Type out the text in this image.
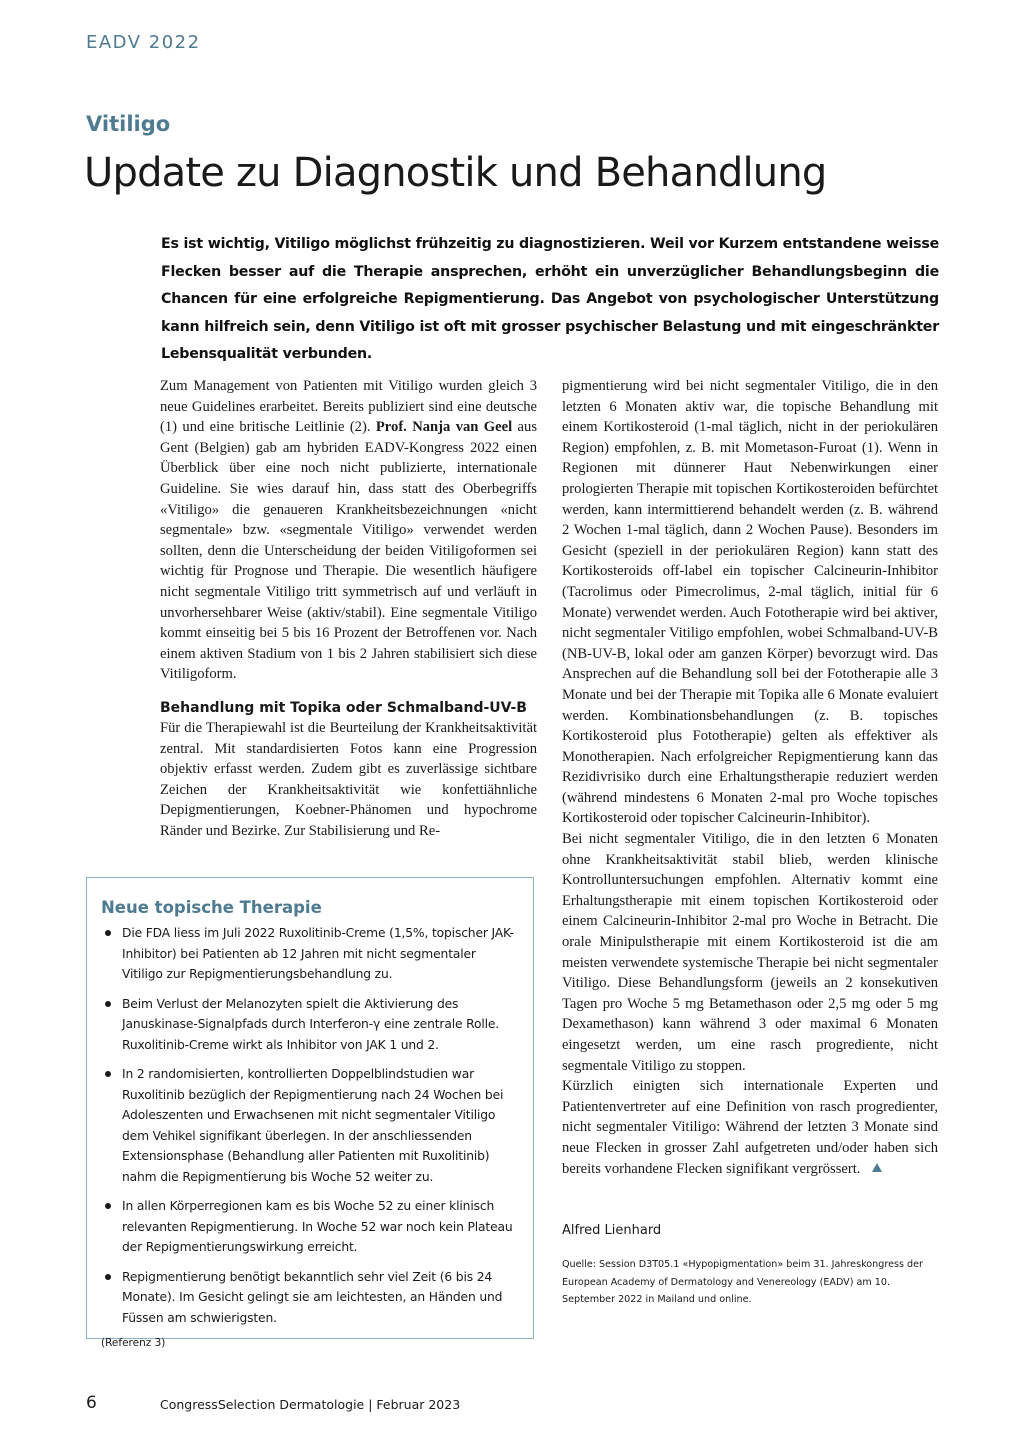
EADV 2022
Vitiligo
Update zu Diagnostik und Behandlung

Es ist wichtig, Vitiligo möglichst frühzeitig zu diagnostizieren. Weil vor Kurzem entstandene weisse Flecken besser auf die Therapie ansprechen, erhöht ein unverzüglicher Behandlungsbeginn die Chancen für eine erfolgreiche Repigmentierung. Das Angebot von psychologischer Unterstützung kann hilfreich sein, denn Vitiligo ist oft mit grosser psychischer Belastung und mit eingeschränkter Lebensqualität verbunden.

Zum Management von Patienten mit Vitiligo wurden gleich 3 neue Guidelines erarbeitet. Bereits publiziert sind eine deutsche (1) und eine britische Leitlinie (2). Prof. Nanja van Geel aus Gent (Belgien) gab am hybriden EADV-Kongress 2022 einen Überblick über eine noch nicht publizierte, internationale Guideline. Sie wies darauf hin, dass statt des Oberbegriffs «Vitiligo» die genaueren Krankheitsbezeichnungen «nicht segmentale» bzw. «segmentale Vitiligo» verwendet werden sollten, denn die Unterscheidung der beiden Vitiligoformen sei wichtig für Prognose und Therapie. Die wesentlich häufigere nicht segmentale Vitiligo tritt symmetrisch auf und verläuft in unvorhersehbarer Weise (aktiv/stabil). Eine segmentale Vitiligo kommt einseitig bei 5 bis 16 Prozent der Betroffenen vor. Nach einem aktiven Stadium von 1 bis 2 Jahren stabilisiert sich diese Vitiligoform.

Behandlung mit Topika oder Schmalband-UV-B

Für die Therapiewahl ist die Beurteilung der Krankheitsaktivität zentral. Mit standardisierten Fotos kann eine Progression objektiv erfasst werden. Zudem gibt es zuverlässige sichtbare Zeichen der Krankheitsaktivität wie konfettiähnliche Depigmentierungen, Koebner-Phänomen und hypochrome Ränder und Bezirke. Zur Stabilisierung und Re-

pigmentierung wird bei nicht segmentaler Vitiligo, die in den letzten 6 Monaten aktiv war, die topische Behandlung mit einem Kortikosteroid (1-mal täglich, nicht in der periokulären Region) empfohlen, z. B. mit Mometason-Furoat (1). Wenn in Regionen mit dünnerer Haut Nebenwirkungen einer prologierten Therapie mit topischen Kortikosteroiden befürchtet werden, kann intermittierend behandelt werden (z. B. während 2 Wochen 1-mal täglich, dann 2 Wochen Pause). Besonders im Gesicht (speziell in der periokulären Region) kann statt des Kortikosteroids off-label ein topischer Calcineurin-Inhibitor (Tacrolimus oder Pimecrolimus, 2-mal täglich, initial für 6 Monate) verwendet werden. Auch Fototherapie wird bei aktiver, nicht segmentaler Vitiligo empfohlen, wobei Schmalband-UV-B (NB-UV-B, lokal oder am ganzen Körper) bevorzugt wird. Das Ansprechen auf die Behandlung soll bei der Fototherapie alle 3 Monate und bei der Therapie mit Topika alle 6 Monate evaluiert werden. Kombinationsbehandlungen (z. B. topisches Kortikosteroid plus Fototherapie) gelten als effektiver als Monotherapien. Nach erfolgreicher Repigmentierung kann das Rezidivrisiko durch eine Erhaltungstherapie reduziert werden (während mindestens 6 Monaten 2-mal pro Woche topisches Kortikosteroid oder topischer Calcineurin-Inhibitor).

Bei nicht segmentaler Vitiligo, die in den letzten 6 Monaten ohne Krankheitsaktivität stabil blieb, werden klinische Kontrolluntersuchungen empfohlen. Alternativ kommt eine Erhaltungstherapie mit einem topischen Kortikosteroid oder einem Calcineurin-Inhibitor 2-mal pro Woche in Betracht. Die orale Minipulstherapie mit einem Kortikosteroid ist die am meisten verwendete systemische Therapie bei nicht segmentaler Vitiligo. Diese Behandlungsform (jeweils an 2 konsekutiven Tagen pro Woche 5 mg Betamethason oder 2,5 mg oder 5 mg Dexamethason) kann während 3 oder maximal 6 Monaten eingesetzt werden, um eine rasch progrediente, nicht segmentale Vitiligo zu stoppen.

Kürzlich einigten sich internationale Experten und Patientenvertreter auf eine Definition von rasch progredienter, nicht segmentaler Vitiligo: Während der letzten 3 Monate sind neue Flecken in grosser Zahl aufgetreten und/oder haben sich bereits vorhandene Flecken signifikant vergrössert.

Neue topische Therapie
Die FDA liess im Juli 2022 Ruxolitinib-Creme (1,5%, topischer JAK-Inhibitor) bei Patienten ab 12 Jahren mit nicht segmentaler Vitiligo zur Repigmentierungsbehandlung zu.
Beim Verlust der Melanozyten spielt die Aktivierung des Januskinase-Signalpfads durch Interferon-γ eine zentrale Rolle. Ruxolitinib-Creme wirkt als Inhibitor von JAK 1 und 2.
In 2 randomisierten, kontrollierten Doppelblindstudien war Ruxolitinib bezüglich der Repigmentierung nach 24 Wochen bei Adoleszenten und Erwachsenen mit nicht segmentaler Vitiligo dem Vehikel signifikant überlegen. In der anschliessenden Extensionsphase (Behandlung aller Patienten mit Ruxolitinib) nahm die Repigmentierung bis Woche 52 weiter zu.
In allen Körperregionen kam es bis Woche 52 zu einer klinisch relevanten Repigmentierung. In Woche 52 war noch kein Plateau der Repigmentierungswirkung erreicht.
Repigmentierung benötigt bekanntlich sehr viel Zeit (6 bis 24 Monate). Im Gesicht gelingt sie am leichtesten, an Händen und Füssen am schwierigsten.
(Referenz 3)
Alfred Lienhard

Quelle: Session D3T05.1 «Hypopigmentation» beim 31. Jahreskongress der European Academy of Dermatology and Venereology (EADV) am 10. September 2022 in Mailand und online.

6	CongressSelection Dermatologie | Februar 2023
